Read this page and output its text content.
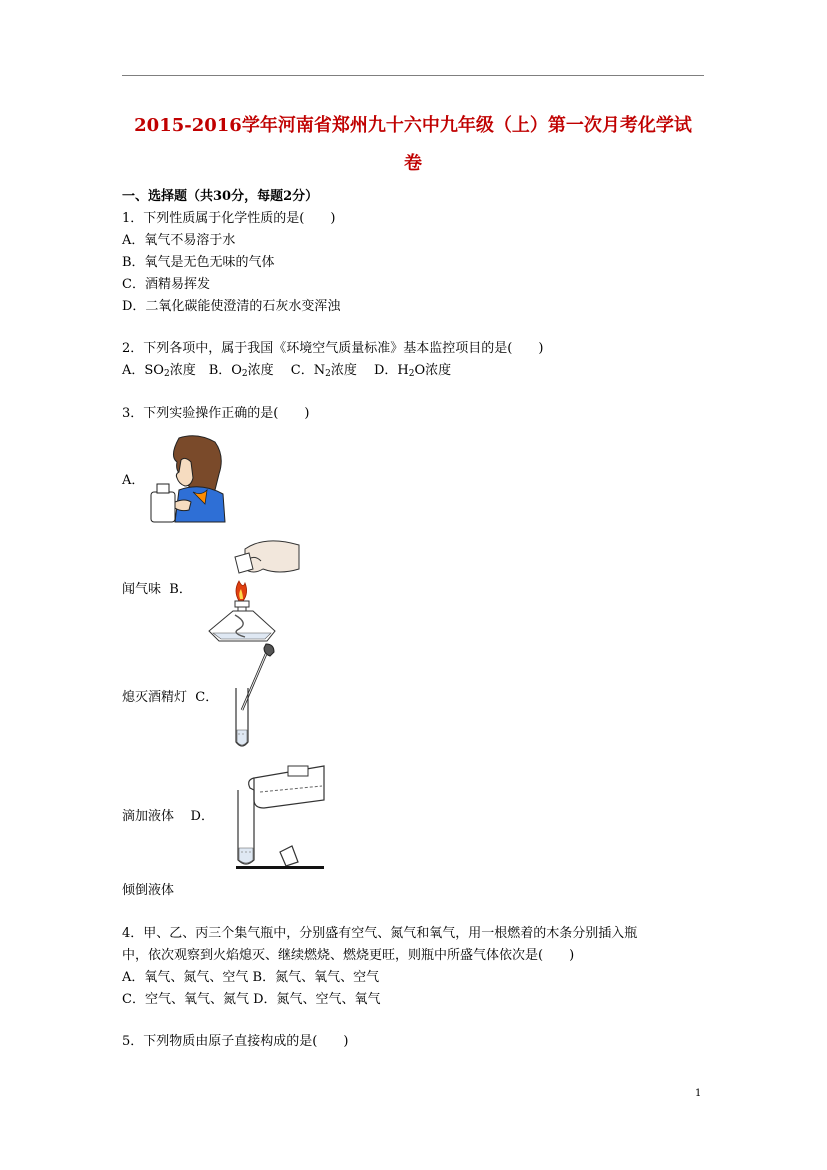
2015-2016学年河南省郑州九十六中九年级（上）第一次月考化学试
卷
一、选择题（共30分，每题2分）
1．下列性质属于化学性质的是(　　)
A．氧气不易溶于水
B．氧气是无色无味的气体
C．酒精易挥发
D．二氧化碳能使澄清的石灰水变浑浊
2．下列各项中，属于我国《环境空气质量标准》基本监控项目的是(　　)
A．$SO_2$浓度　B．$O_2$浓度　 C．$N_2$浓度　 D．$H_2O$浓度
3．下列实验操作正确的是(　　)
A．
闻气味 B．
熄灭酒精灯 C．
滴加液体 D．
倾倒液体
4．甲、乙、丙三个集气瓶中，分别盛有空气、氮气和氧气，用一根燃着的木条分别插入瓶
中，依次观察到火焰熄灭、继续燃烧、燃烧更旺，则瓶中所盛气体依次是(　　)
A．氧气、氮气、空气 B．氮气、氧气、空气
C．空气、氧气、氮气 D．氮气、空气、氧气
5．下列物质由原子直接构成的是(　　)
1
